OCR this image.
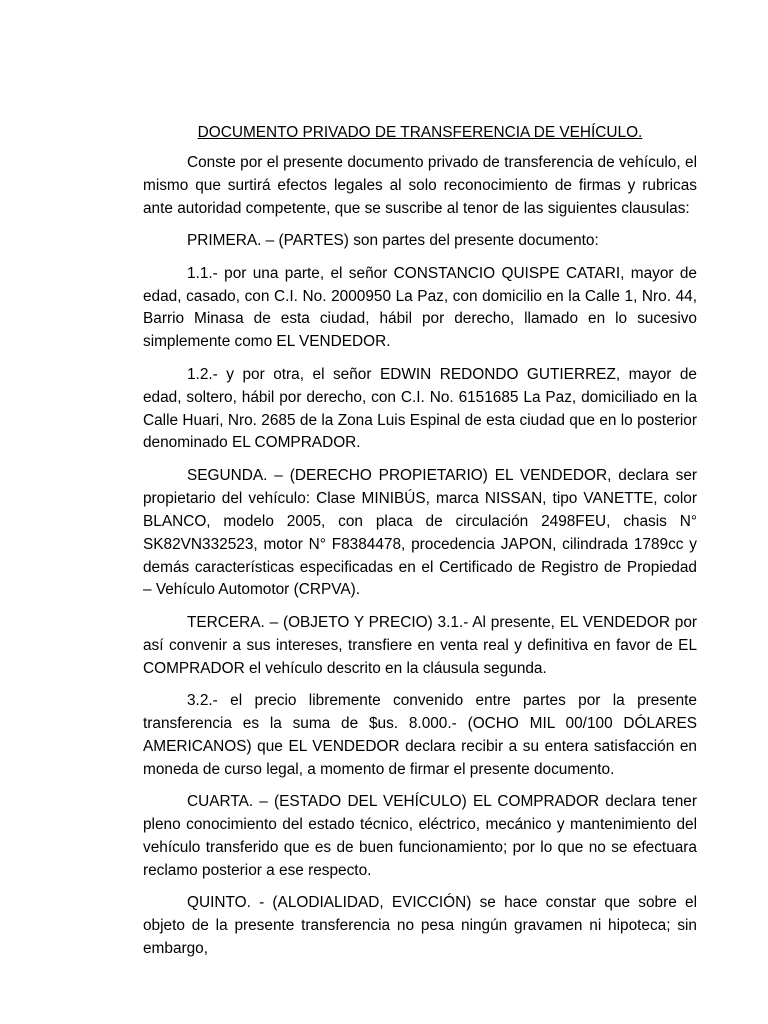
DOCUMENTO PRIVADO DE TRANSFERENCIA DE VEHÍCULO.

Conste por el presente documento privado de transferencia de vehículo, el mismo que surtirá efectos legales al solo reconocimiento de firmas y rubricas ante autoridad competente, que se suscribe al tenor de las siguientes clausulas:

PRIMERA. – (PARTES) son partes del presente documento:

1.1.- por una parte, el señor CONSTANCIO QUISPE CATARI, mayor de edad, casado, con C.I. No. 2000950 La Paz, con domicilio en la Calle 1, Nro. 44, Barrio Minasa de esta ciudad, hábil por derecho, llamado en lo sucesivo simplemente como EL VENDEDOR.

1.2.- y por otra, el señor EDWIN REDONDO GUTIERREZ, mayor de edad, soltero, hábil por derecho, con C.I. No. 6151685 La Paz, domiciliado en la Calle Huari, Nro. 2685 de la Zona Luis Espinal de esta ciudad que en lo posterior denominado EL COMPRADOR.

SEGUNDA. – (DERECHO PROPIETARIO) EL VENDEDOR, declara ser propietario del vehículo: Clase MINIBÚS, marca NISSAN, tipo VANETTE, color BLANCO, modelo 2005, con placa de circulación 2498FEU, chasis N° SK82VN332523, motor N° F8384478, procedencia JAPON, cilindrada 1789cc y demás características especificadas en el Certificado de Registro de Propiedad – Vehículo Automotor (CRPVA).

TERCERA. – (OBJETO Y PRECIO) 3.1.- Al presente, EL VENDEDOR por así convenir a sus intereses, transfiere en venta real y definitiva en favor de EL COMPRADOR el vehículo descrito en la cláusula segunda.

3.2.- el precio libremente convenido entre partes por la presente transferencia es la suma de $us. 8.000.- (OCHO MIL 00/100 DÓLARES AMERICANOS) que EL VENDEDOR declara recibir a su entera satisfacción en moneda de curso legal, a momento de firmar el presente documento.

CUARTA. – (ESTADO DEL VEHÍCULO) EL COMPRADOR declara tener pleno conocimiento del estado técnico, eléctrico, mecánico y mantenimiento del vehículo transferido que es de buen funcionamiento; por lo que no se efectuara reclamo posterior a ese respecto.

QUINTO. - (ALODIALIDAD, EVICCIÓN) se hace constar que sobre el objeto de la presente transferencia no pesa ningún gravamen ni hipoteca; sin embargo,
